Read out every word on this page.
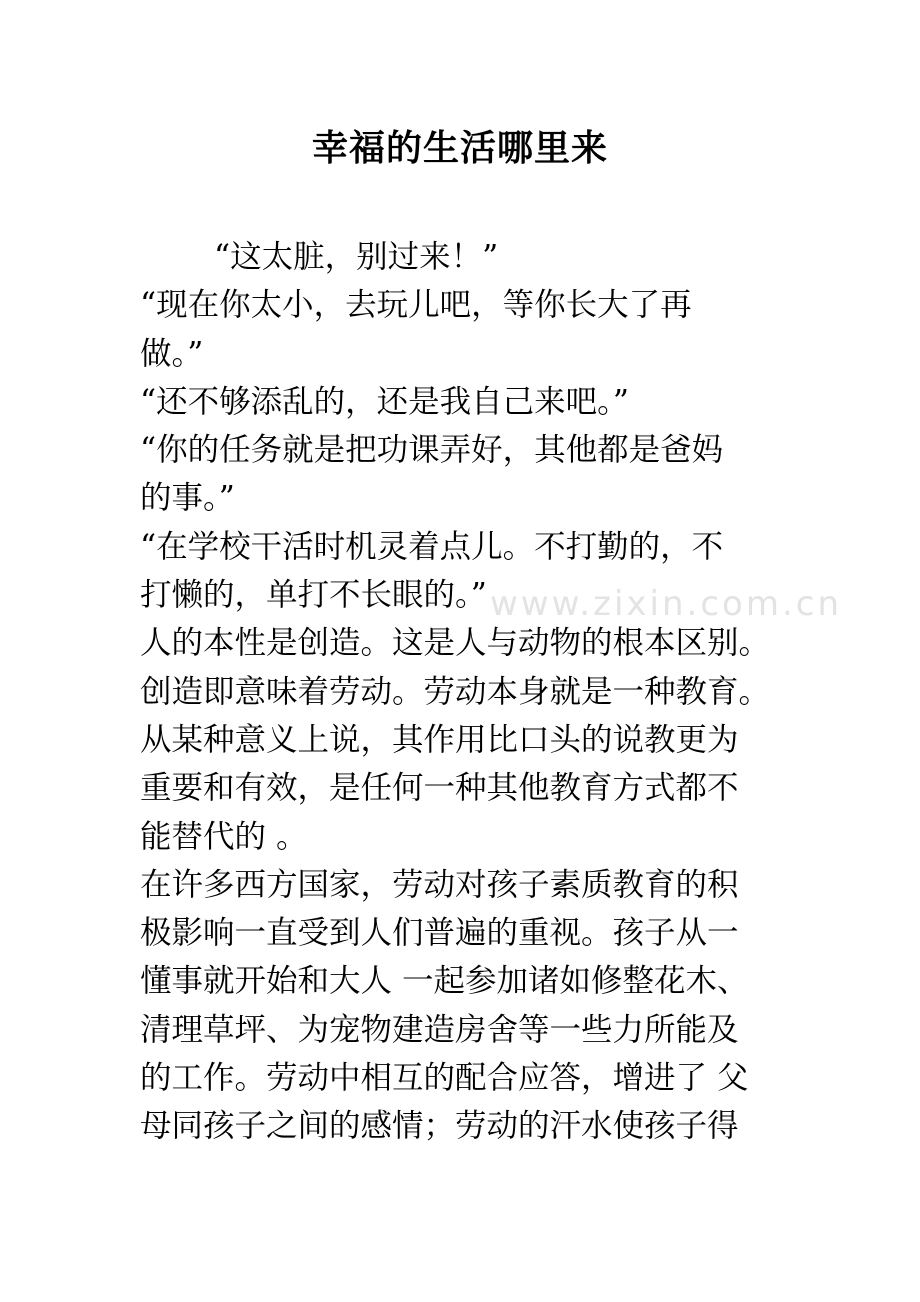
www.zixin.com.cn
幸福的生活哪里来
“这太脏，别过来！”
“现在你太小，去玩儿吧，等你长大了再
做。”
“还不够添乱的，还是我自己来吧。”
“你的任务就是把功课弄好，其他都是爸妈
的事。”
“在学校干活时机灵着点儿。不打勤的，不
打懒的，单打不长眼的。”
人的本性是创造。这是人与动物的根本区别。
创造即意味着劳动。劳动本身就是一种教育。
从某种意义上说，其作用比口头的说教更为
重要和有效，是任何一种其他教育方式都不
能替代的 。
在许多西方国家，劳动对孩子素质教育的积
极影响一直受到人们普遍的重视。孩子从一
懂事就开始和大人 一起参加诸如修整花木、
清理草坪、为宠物建造房舍等一些力所能及
的工作。劳动中相互的配合应答，增进了 父
母同孩子之间的感情；劳动的汗水使孩子得
